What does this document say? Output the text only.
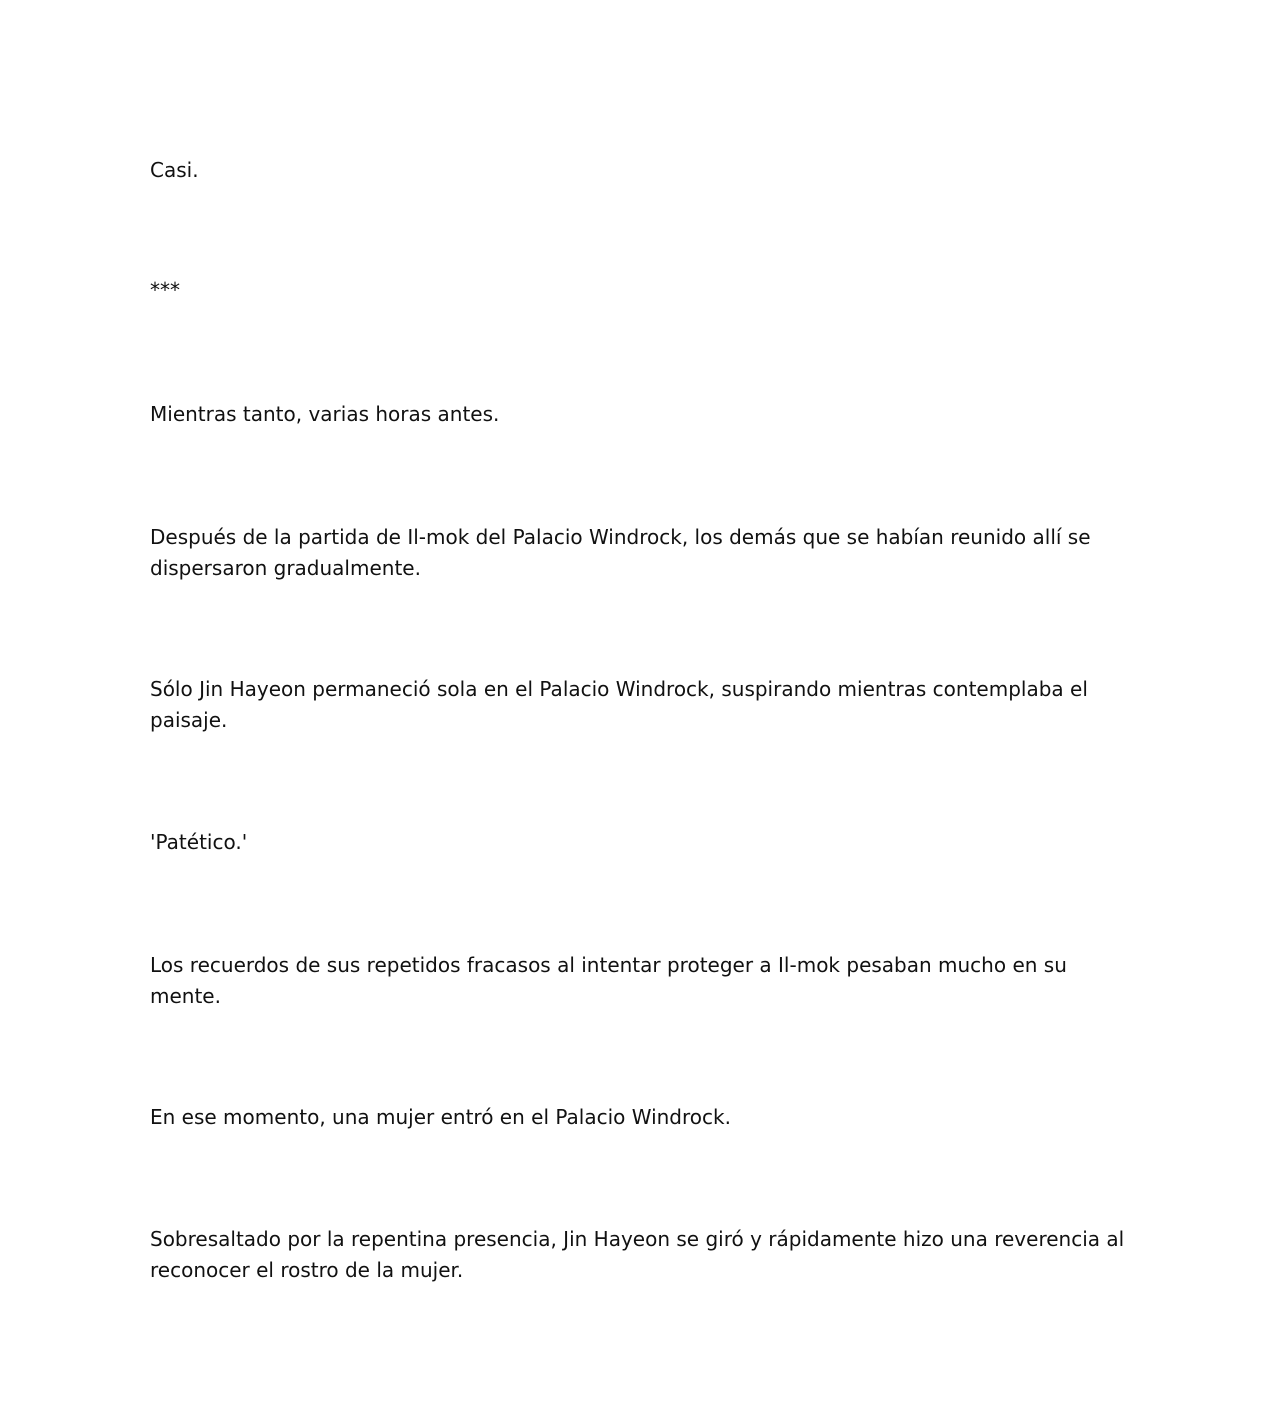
Casi.

***

Mientras tanto, varias horas antes.

Después de la partida de Il-mok del Palacio Windrock, los demás que se habían reunido allí se dispersaron gradualmente.

Sólo Jin Hayeon permaneció sola en el Palacio Windrock, suspirando mientras contemplaba el paisaje.

'Patético.'

Los recuerdos de sus repetidos fracasos al intentar proteger a Il-mok pesaban mucho en su mente.

En ese momento, una mujer entró en el Palacio Windrock.

Sobresaltado por la repentina presencia, Jin Hayeon se giró y rápidamente hizo una reverencia al reconocer el rostro de la mujer.
